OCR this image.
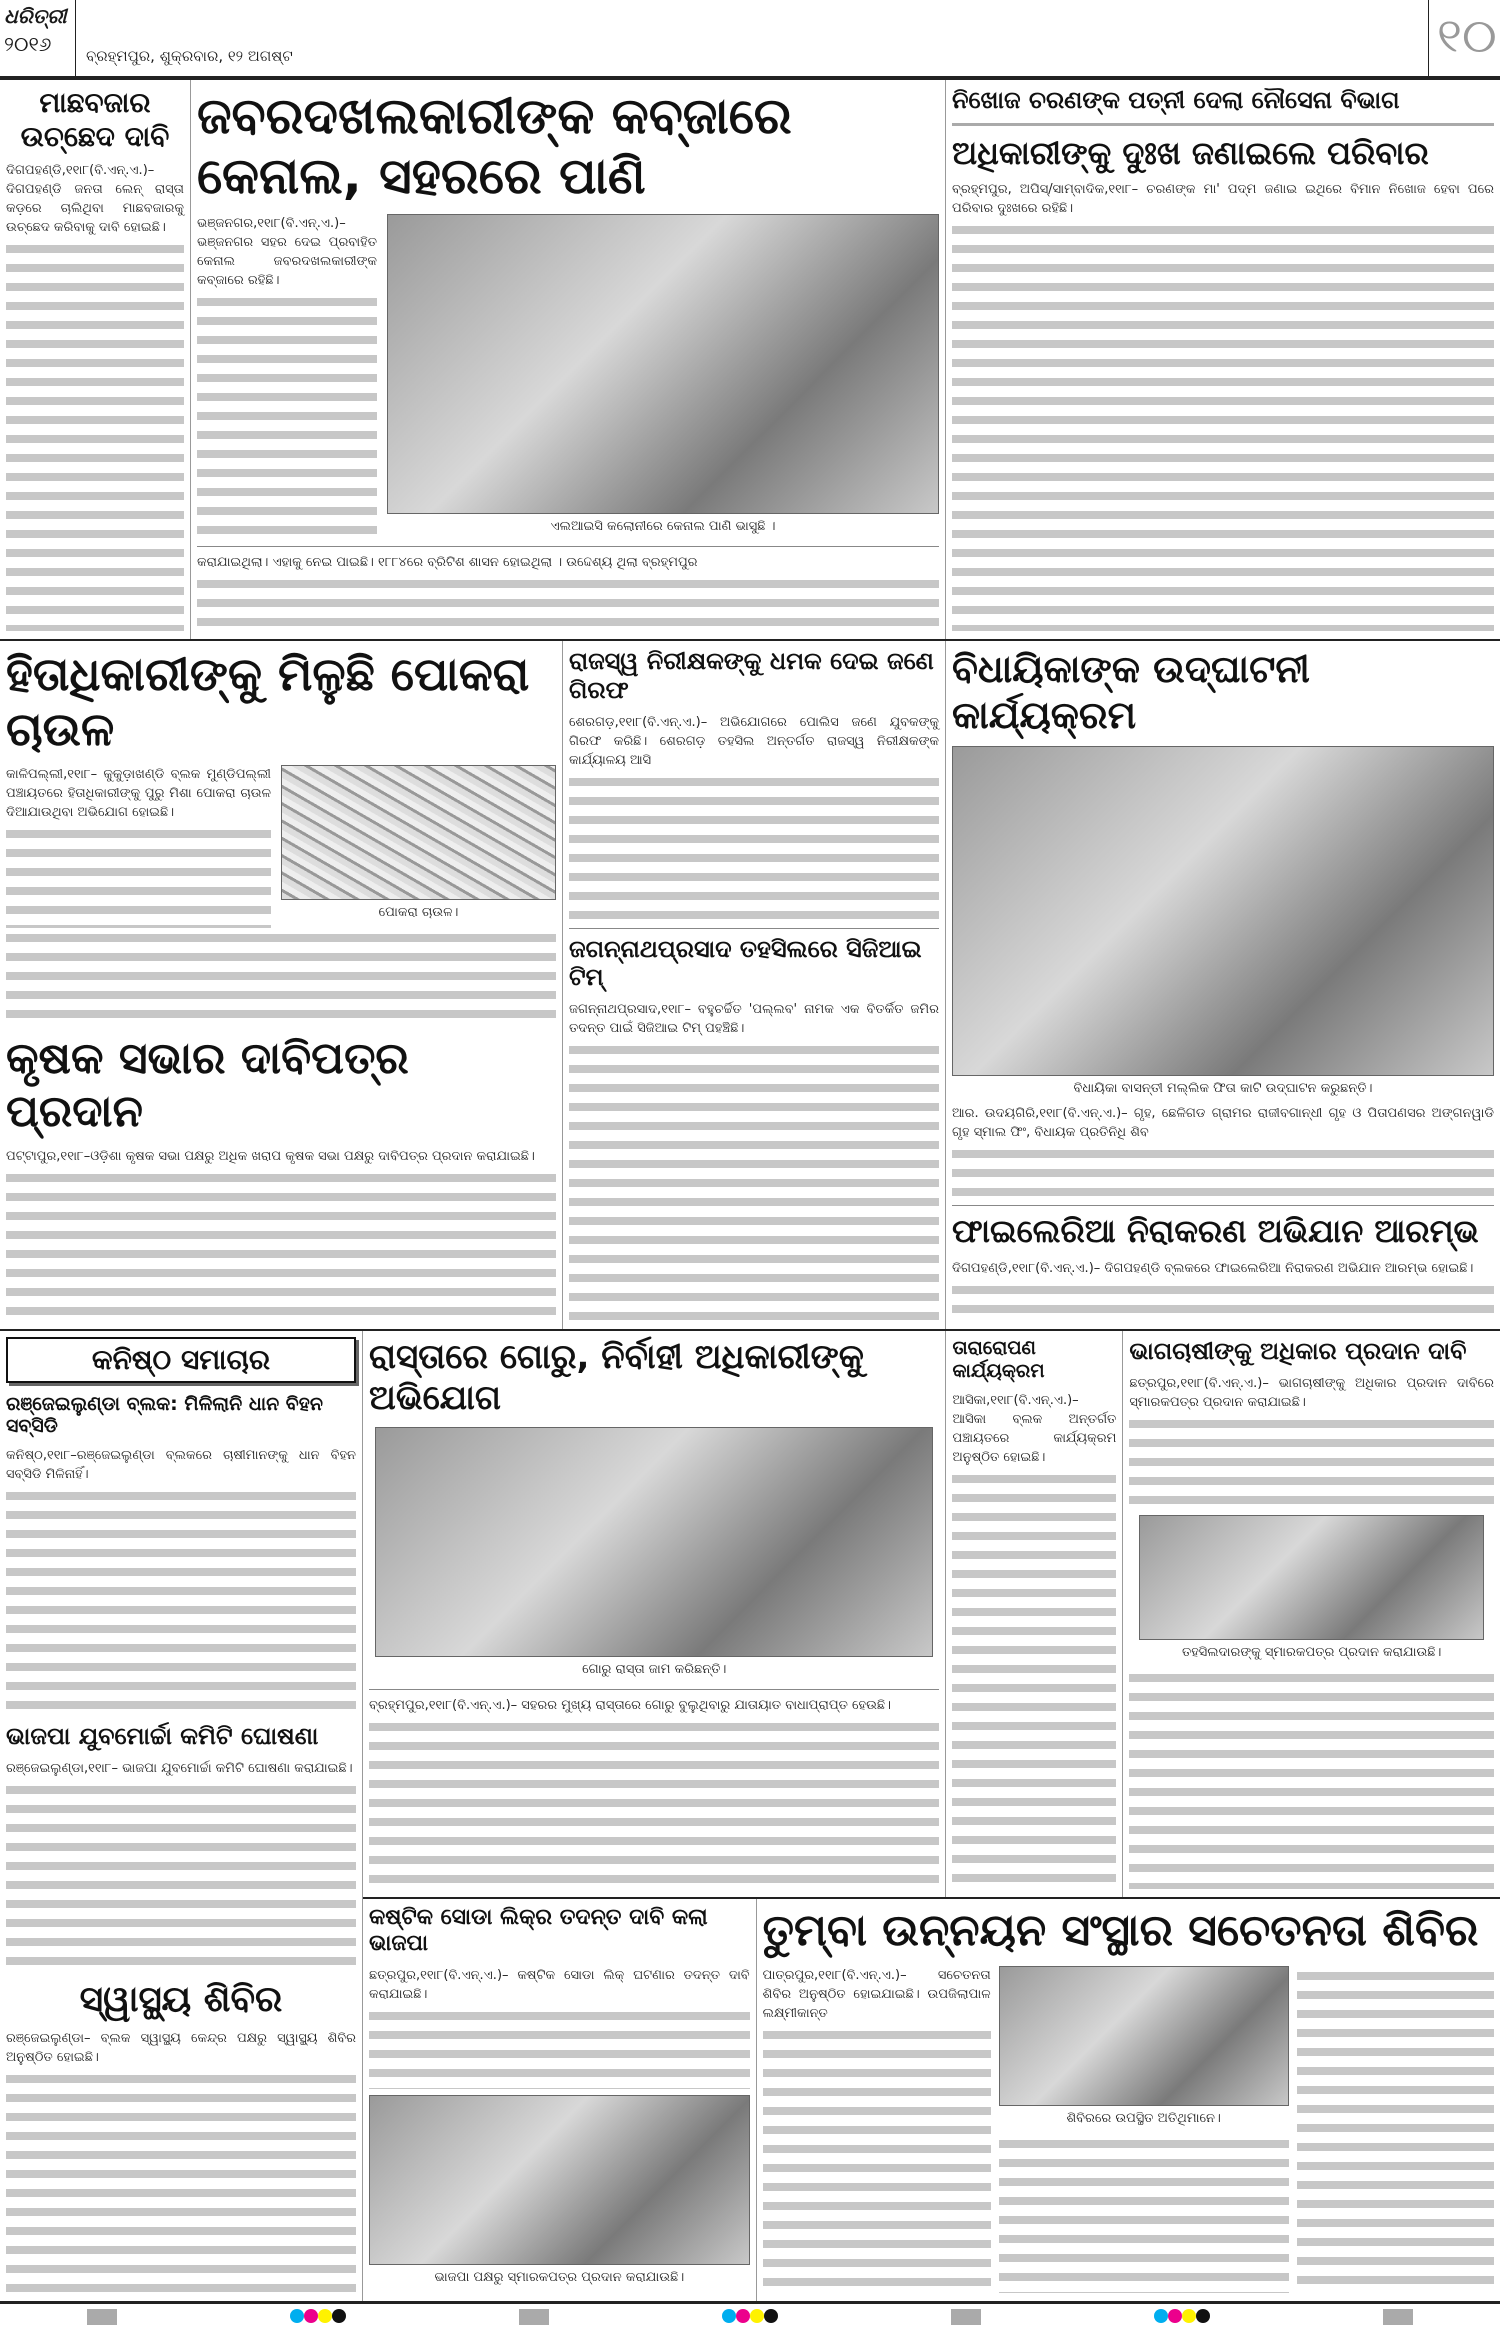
ଧରିତ୍ରୀ
୨୦୧୬	ବ୍ରହ୍ମପୁର, ଶୁକ୍ରବାର, ୧୨ ଅଗଷ୍ଟ	୧୦
ମାଛବଜାର ଉଚ୍ଛେଦ ଦାବି

ଦିଗପହଣ୍ଡି,୧୧ା୮(ବି.ଏନ୍.ଏ.)– ଦିଗପହଣ୍ଡି ଜନତା ଲେନ୍ ରାସ୍ତା କଡ଼ରେ ଚାଲିଥିବା ମାଛବଜାରକୁ ଉଚ୍ଛେଦ କରିବାକୁ ଦାବି ହୋଇଛି।

ଜବରଦଖଲକାରୀଙ୍କ କବ୍ଜାରେ କେନାଲ, ସହରରେ ପାଣି

ଭଞ୍ଜନଗର,୧୧ା୮(ବି.ଏନ୍.ଏ.)– ଭଞ୍ଜନଗର ସହର ଦେଇ ପ୍ରବାହିତ କେନାଲ ଜବରଦଖଲକାରୀଙ୍କ କବ୍ଜାରେ ରହିଛି।

ଏଲଆଇସି କଲୋନୀରେ କେନାଲ ପାଣି ଭାସୁଛି ।

କରାଯାଇଥିଲା। ଏହାକୁ ନେଇ ପାଇଛି। ୧୮୮୪ରେ ବ୍ରିଟିଶ ଶାସନ ହୋଇଥିଲା । ଉଦ୍ଦେଶ୍ୟ ଥିଲା ବ୍ରହ୍ମପୁର

ନିଖୋଜ ଚରଣଙ୍କ ପତ୍ନୀ ଦେଲା ନୌସେନା ବିଭାଗ
ଅଧିକାରୀଙ୍କୁ ଦୁଃଖ ଜଣାଇଲେ ପରିବାର

ବ୍ରହ୍ମପୁର, ଅପିସ୍‌/ସାମ୍ବାଦିକ,୧୧ା୮– ଚରଣଙ୍କ ମା' ପଦ୍ମ ଜଣାଇ ଇଥିରେ ବିମାନ ନିଖୋଜ ହେବା ପରେ ପରିବାର ଦୁଃଖରେ ରହିଛି।

ହିତାଧିକାରୀଙ୍କୁ ମିଳୁଛି ପୋକରା ଚାଉଳ

କାଳିପଲ୍ଲୀ,୧୧ା୮– କୁକୁଡ଼ାଖଣ୍ଡି ବ୍ଲକ ମୁଣ୍ଡିପଲ୍ଲୀ ପଞ୍ଚାୟତରେ ହିତାଧିକାରୀଙ୍କୁ ପୁରୁ ମିଶା ପୋକରା ଚାଉଳ ଦିଆଯାଉଥିବା ଅଭିଯୋଗ ହୋଇଛି।

ପୋକରା ଚାଉଳ।
କୃଷକ ସଭାର ଦାବିପତ୍ର ପ୍ରଦାନ

ପଟ୍ଟାପୁର,୧୧ା୮–ଓଡ଼ିଶା କୃଷକ ସଭା ପକ୍ଷରୁ ଅଧିକ ଖରାପ କୃଷକ ସଭା ପକ୍ଷରୁ ଦାବିପତ୍ର ପ୍ରଦାନ କରାଯାଇଛି।

ରାଜସ୍ୱ ନିରୀକ୍ଷକଙ୍କୁ ଧମକ ଦେଇ ଜଣେ ଗିରଫ

ଶେରଗଡ଼,୧୧ା୮(ବି.ଏନ୍.ଏ.)– ଅଭିଯୋଗରେ ପୋଲିସ ଜଣେ ଯୁବକଙ୍କୁ ଗିରଫ କରିଛି। ଶେରଗଡ଼ ତହସିଲ ଅନ୍ତର୍ଗତ ରାଜସ୍ୱ ନିରୀକ୍ଷକଙ୍କ କାର୍ଯ୍ୟାଳୟ ଆସି

ଜଗନ୍ନାଥପ୍ରସାଦ ତହସିଲରେ ସିଜିଆଇ ଟିମ୍

ଜଗନ୍ନାଥପ୍ରସାଦ,୧୧ା୮– ବହୁଚର୍ଚ୍ଚିତ 'ପଲ୍ଲବ' ନାମକ ଏକ ବିତର୍କିତ ଜମିର ତଦନ୍ତ ପାଇଁ ସିଜିଆଇ ଟିମ୍ ପହଞ୍ଚିଛି।

ବିଧାୟିକାଙ୍କ ଉଦ୍‌ଘାଟନୀ କାର୍ଯ୍ୟକ୍ରମ
ବିଧାୟିକା ବାସନ୍ତୀ ମଲ୍ଲିକ ଫିତା କାଟି ଉଦ୍‌ଘାଟନ କରୁଛନ୍ତି।

ଆର. ଉଦୟଗିରି,୧୧ା୮(ବି.ଏନ୍.ଏ.)– ଗୃହ, ଛେଳିଗଡ ଗ୍ରାମର ରାଜୀବଗାନ୍ଧୀ ଗୃହ ଓ ପିତାପଣସର ଅଙ୍ଗନୱାଡି ଗୃହ ସ୍ମାଲ ଫିଂ, ବିଧାୟକ ପ୍ରତିନିଧି ଶିବ

ଫାଇଲେରିଆ ନିରାକରଣ ଅଭିଯାନ ଆରମ୍ଭ

ଦିଗପହଣ୍ଡି,୧୧ା୮(ବି.ଏନ୍.ଏ.)– ଦିଗପହଣ୍ଡି ବ୍ଲକରେ ଫାଇଲେରିଆ ନିରାକରଣ ଅଭିଯାନ ଆରମ୍ଭ ହୋଇଛି।

କନିଷ୍ଠ ସମାଚାର
ରଞ୍ଜେଇଲୁଣ୍ଡା ବ୍ଲକ: ମିଳିଲାନି ଧାନ ବିହନ ସବ୍‌ସିଡି

କନିଷ୍ଠ,୧୧ା୮–ରଞ୍ଜେଇଲୁଣ୍ଡା ବ୍ଲକରେ ଚାଷୀମାନଙ୍କୁ ଧାନ ବିହନ ସବ୍‌ସିଡି ମିଳିନାହିଁ।

ଭାଜପା ଯୁବମୋର୍ଚ୍ଚା କମିଟି ଘୋଷଣା

ରଞ୍ଜେଇଲୁଣ୍ଡା,୧୧ା୮– ଭାଜପା ଯୁବମୋର୍ଚ୍ଚା କମିଟି ଘୋଷଣା କରାଯାଇଛି।

ସ୍ୱାସ୍ଥ୍ୟ ଶିବିର

ରଞ୍ଜେଇଲୁଣ୍ଡା– ବ୍ଲକ ସ୍ୱାସ୍ଥ୍ୟ କେନ୍ଦ୍ର ପକ୍ଷରୁ ସ୍ୱାସ୍ଥ୍ୟ ଶିବିର ଅନୁଷ୍ଠିତ ହୋଇଛି।

ରାସ୍ତାରେ ଗୋରୁ, ନିର୍ବାହୀ ଅଧିକାରୀଙ୍କୁ ଅଭିଯୋଗ
ଗୋରୁ ରାସ୍ତା ଜାମ କରିଛନ୍ତି।

ବ୍ରହ୍ମପୁର,୧୧ା୮(ବି.ଏନ୍.ଏ.)– ସହରର ମୁଖ୍ୟ ରାସ୍ତାରେ ଗୋରୁ ବୁଲୁଥିବାରୁ ଯାତାୟାତ ବାଧାପ୍ରାପ୍ତ ହେଉଛି।

ତାରାରୋପଣ କାର୍ଯ୍ୟକ୍ରମ

ଆସିକା,୧୧ା୮(ବି.ଏନ୍.ଏ.)– ଆସିକା ବ୍ଲକ ଅନ୍ତର୍ଗତ ପଞ୍ଚାୟତରେ କାର୍ଯ୍ୟକ୍ରମ ଅନୁଷ୍ଠିତ ହୋଇଛି।

ଭାଗଚାଷୀଙ୍କୁ ଅଧିକାର ପ୍ରଦାନ ଦାବି

ଛତ୍ରପୁର,୧୧ା୮(ବି.ଏନ୍.ଏ.)– ଭାଗଚାଷୀଙ୍କୁ ଅଧିକାର ପ୍ରଦାନ ଦାବିରେ ସ୍ମାରକପତ୍ର ପ୍ରଦାନ କରାଯାଇଛି।

ତହସିଲଦାରଙ୍କୁ ସ୍ମାରକପତ୍ର ପ୍ରଦାନ କରାଯାଉଛି।
କଷ୍ଟିକ ସୋଡା ଲିକ୍‌ର ତଦନ୍ତ ଦାବି କଲା ଭାଜପା

ଛତ୍ରପୁର,୧୧ା୮(ବି.ଏନ୍.ଏ.)– କଷ୍ଟିକ ସୋଡା ଲିକ୍ ଘଟଣାର ତଦନ୍ତ ଦାବି କରାଯାଇଛି।

ଭାଜପା ପକ୍ଷରୁ ସ୍ମାରକପତ୍ର ପ୍ରଦାନ କରାଯାଉଛି।
ତୁମ୍ବା ଉନ୍ନୟନ ସଂସ୍ଥାର ସଚେତନତା ଶିବିର

ପାତ୍ରପୁର,୧୧ା୮(ବି.ଏନ୍.ଏ.)– ସଚେତନତା ଶିବିର ଅନୁଷ୍ଠିତ ହୋଇଯାଇଛି। ଉପଜିଲାପାଳ ଲକ୍ଷ୍ମୀକାନ୍ତ

ଶିବିରରେ ଉପସ୍ଥିତ ଅତିଥିମାନେ।
